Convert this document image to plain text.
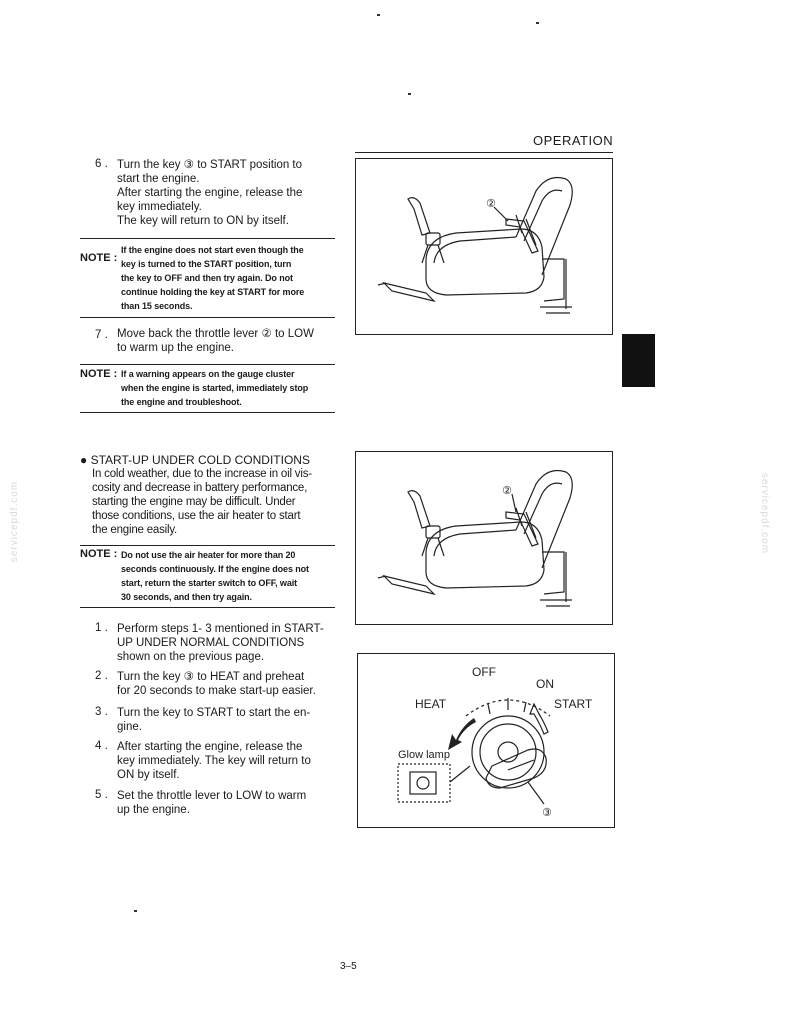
OPERATION
servicepdf.com	servicepdf.com
6 . Turn the key ③ to START position to
start the engine.
After starting the engine, release the
key immediately.
The key will return to ON by itself.
NOTE :
If the engine does not start even though the
key is turned to the START position, turn
the key to OFF and then try again. Do not
continue holding the key at START for more
than 15 seconds.
7 . Move back the throttle lever ② to LOW
to warm up the engine.
NOTE : If a warning appears on the gauge cluster
when the engine is started, immediately stop
the engine and troubleshoot.
● START-UP UNDER COLD CONDITIONS
In cold weather, due to the increase in oil vis-
cosity and decrease in battery performance,
starting the engine may be difficult. Under
those conditions, use the air heater to start
the engine easily.
NOTE : Do not use the air heater for more than 20
seconds continuously. If the engine does not
start, return the starter switch to OFF, wait
30 seconds, and then try again.
1 . Perform steps 1- 3 mentioned in START-
UP UNDER NORMAL CONDITIONS
shown on the previous page.
2 . Turn the key ③ to HEAT and preheat
for 20 seconds to make start-up easier.
3 . Turn the key to START to start the en-
gine.
4 . After starting the engine, release the
key immediately. The key will return to
ON by itself.
5 . Set the throttle lever to LOW to warm
up the engine.
②
②
OFF
ON
HEAT	START
Glow lamp
③
3–5
